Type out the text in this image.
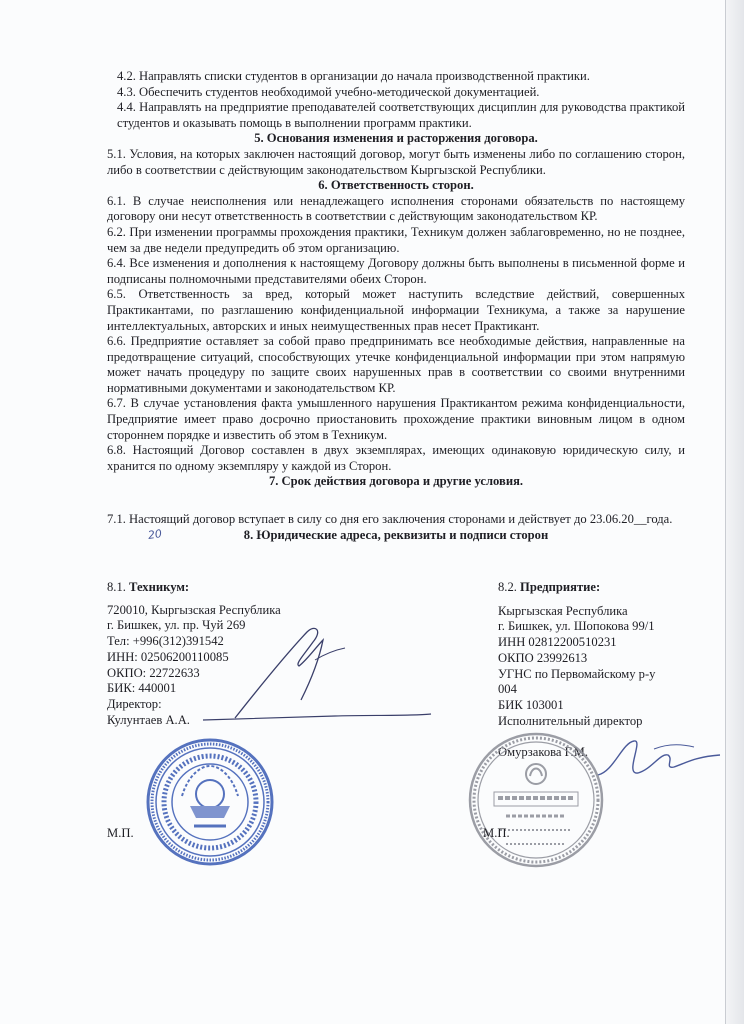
4.2. Направлять списки студентов в организации до начала производственной практики.

4.3. Обеспечить студентов необходимой учебно-методической документацией.

4.4. Направлять на предприятие преподавателей соответствующих дисциплин для руководства практикой студентов и оказывать помощь в выполнении программ практики.

5. Основания изменения и расторжения договора.

5.1. Условия, на которых заключен настоящий договор, могут быть изменены либо по соглашению сторон, либо в соответствии с действующим законодательством Кыргызской Республики.

6. Ответственность сторон.

6.1. В случае неисполнения или ненадлежащего исполнения сторонами обязательств по настоящему договору они несут ответственность в соответствии с действующим законодательством КР.

6.2. При изменении программы прохождения практики, Техникум должен заблаговременно, но не позднее, чем за две недели предупредить об этом организацию.

6.4. Все изменения и дополнения к настоящему Договору должны быть выполнены в письменной форме и подписаны полномочными представителями обеих Сторон.

6.5. Ответственность за вред, который может наступить вследствие действий, совершенных Практикантами, по разглашению конфиденциальной информации Техникума, а также за нарушение интеллектуальных, авторских и иных неимущественных прав несет Практикант.

6.6. Предприятие оставляет за собой право предпринимать все необходимые действия, направленные на предотвращение ситуаций, способствующих утечке конфиденциальной информации при этом напрямую может начать процедуру по защите своих нарушенных прав в соответствии со своими внутренними нормативными документами и законодательством КР.

6.7. В случае установления факта умышленного нарушения Практикантом режима конфиденциальности, Предприятие имеет право досрочно приостановить прохождение практики виновным лицом в одном стороннем порядке и известить об этом в Техникум.

6.8. Настоящий Договор составлен в двух экземплярах, имеющих одинаковую юридическую силу, и хранится по одному экземпляру у каждой из Сторон.

7. Срок действия договора и другие условия.

7.1. Настоящий договор вступает в силу со дня его заключения сторонами и действует до 23.06.20__года.

8. Юридические адреса, реквизиты и подписи сторон

8.1. Техникум:

720010, Кыргызская Республика

г. Бишкек, ул. пр. Чуй 269

Тел: +996(312)391542

ИНН: 02506200110085

ОКПО: 22722633

БИК: 440001

Директор:

Кулунтаев А.А.

8.2. Предприятие:

Кыргызская Республика

г. Бишкек, ул. Шопокова 99/1

ИНН 02812200510231

ОКПО 23992613

УГНС по Первомайскому р-у

004

БИК 103001

Исполнительный директор

Омурзакова Г.М.

20
М.П.	М.П.
